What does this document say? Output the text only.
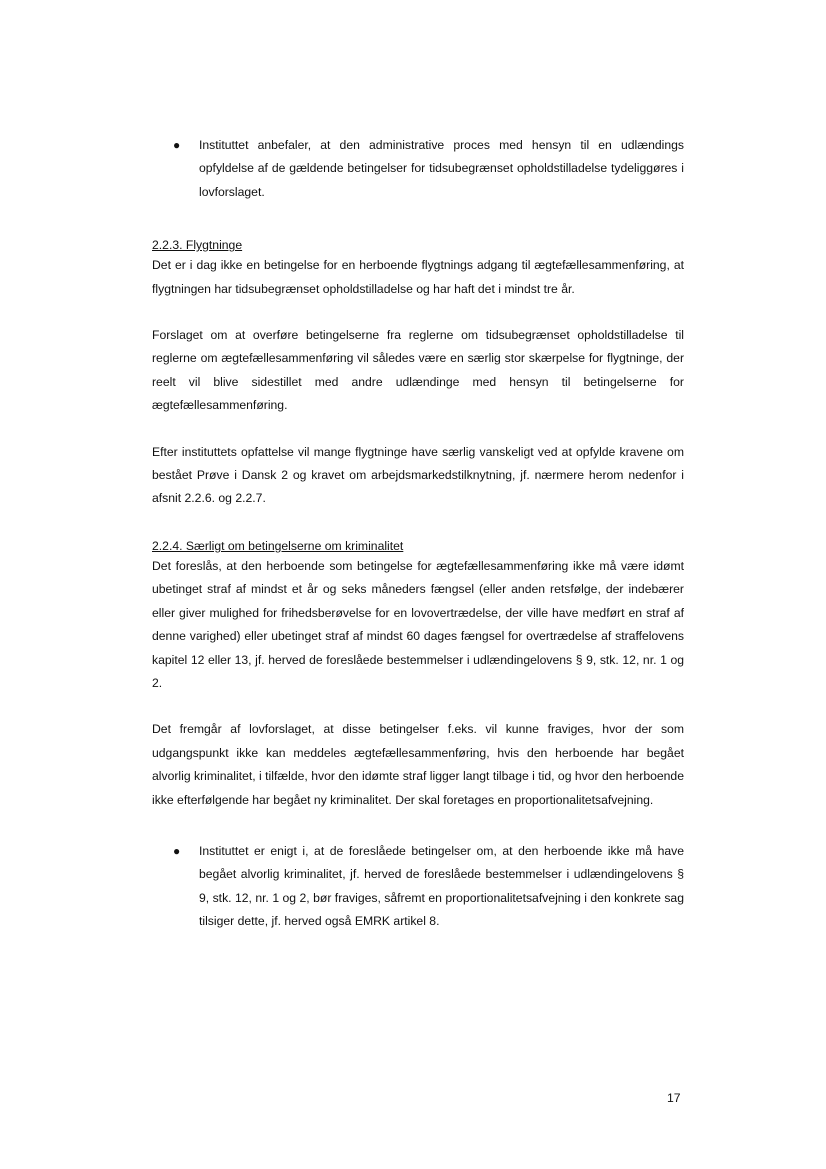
● Instituttet anbefaler, at den administrative proces med hensyn til en udlændings opfyldelse af de gældende betingelser for tidsubegrænset opholdstilladelse tydeliggøres i lovforslaget.

2.2.3. Flygtninge

Det er i dag ikke en betingelse for en herboende flygtnings adgang til ægtefællesammenføring, at flygtningen har tidsubegrænset opholdstilladelse og har haft det i mindst tre år.

Forslaget om at overføre betingelserne fra reglerne om tidsubegrænset opholdstilladelse til reglerne om ægtefællesammenføring vil således være en særlig stor skærpelse for flygtninge, der reelt vil blive sidestillet med andre udlændinge med hensyn til betingelserne for ægtefællesammenføring.

Efter instituttets opfattelse vil mange flygtninge have særlig vanskeligt ved at opfylde kravene om bestået Prøve i Dansk 2 og kravet om arbejdsmarkedstilknytning, jf. nærmere herom nedenfor i afsnit 2.2.6. og 2.2.7.

2.2.4. Særligt om betingelserne om kriminalitet

Det foreslås, at den herboende som betingelse for ægtefællesammenføring ikke må være idømt ubetinget straf af mindst et år og seks måneders fængsel (eller anden retsfølge, der indebærer eller giver mulighed for frihedsberøvelse for en lovovertrædelse, der ville have medført en straf af denne varighed) eller ubetinget straf af mindst 60 dages fængsel for overtrædelse af straffelovens kapitel 12 eller 13, jf. herved de foreslåede bestemmelser i udlændingelovens § 9, stk. 12, nr. 1 og 2.

Det fremgår af lovforslaget, at disse betingelser f.eks. vil kunne fraviges, hvor der som udgangspunkt ikke kan meddeles ægtefællesammenføring, hvis den herboende har begået alvorlig kriminalitet, i tilfælde, hvor den idømte straf ligger langt tilbage i tid, og hvor den herboende ikke efterfølgende har begået ny kriminalitet. Der skal foretages en proportionalitetsafvejning.

● Instituttet er enigt i, at de foreslåede betingelser om, at den herboende ikke må have begået alvorlig kriminalitet, jf. herved de foreslåede bestemmelser i udlændingelovens § 9, stk. 12, nr. 1 og 2, bør fraviges, såfremt en proportionalitetsafvejning i den konkrete sag tilsiger dette, jf. herved også EMRK artikel 8.

17
